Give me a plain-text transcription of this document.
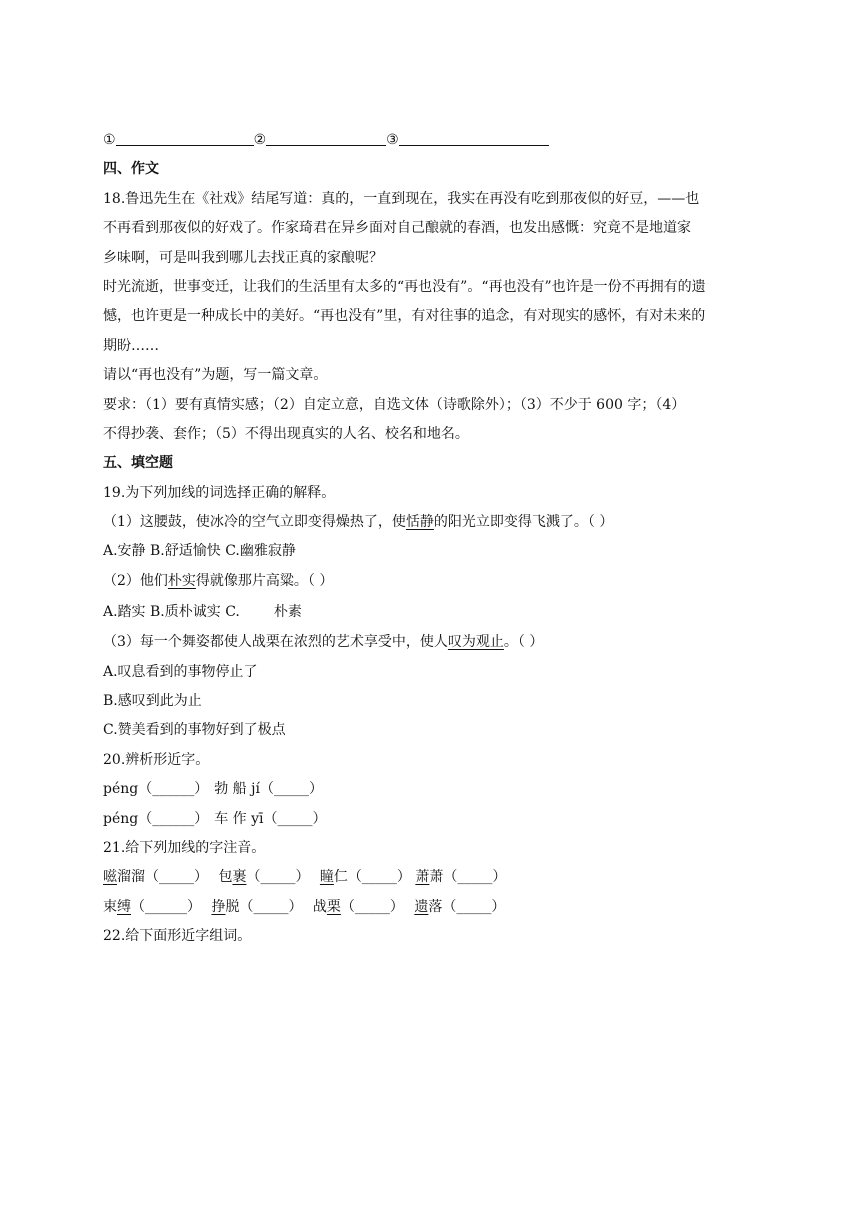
①	②	③
四、作文
18.鲁迅先生在《社戏》结尾写道：真的，一直到现在，我实在再没有吃到那夜似的好豆，——也
不再看到那夜似的好戏了。作家琦君在异乡面对自己酿就的春酒，也发出感慨：究竟不是地道家
乡味啊，可是叫我到哪儿去找正真的家酿呢？
时光流逝，世事变迁，让我们的生活里有太多的“再也没有”。“再也没有”也许是一份不再拥有的遗
憾，也许更是一种成长中的美好。“再也没有”里，有对往事的追念，有对现实的感怀，有对未来的
期盼……
请以“再也没有”为题，写一篇文章。
要求：（1）要有真情实感；（2）自定立意，自选文体（诗歌除外）；（3）不少于 600 字；（4）
不得抄袭、套作；（5）不得出现真实的人名、校名和地名。
五、填空题
19.为下列加线的词选择正确的解释。
（1）这腰鼓，使冰冷的空气立即变得燥热了，使恬静的阳光立即变得飞溅了。（ ）
A.安静 B.舒适愉快 C.幽雅寂静
（2）他们朴实得就像那片高粱。（ ）
A.踏实 B.质朴诚实 C. 朴素
（3）每一个舞姿都使人战栗在浓烈的艺术享受中，使人叹为观止。（ ）
A.叹息看到的事物停止了
B.感叹到此为止
C.赞美看到的事物好到了极点
20.辨析形近字。
péng（______） 勃 船 jí（_____）
péng（______） 车 作 yī（_____）
21.给下列加线的字注音。
嗞溜溜（_____） 包裹（_____） 瞳仁（_____） 萧萧（_____）
束缚（______） 挣脱（_____） 战栗（_____） 遗落（_____）
22.给下面形近字组词。
